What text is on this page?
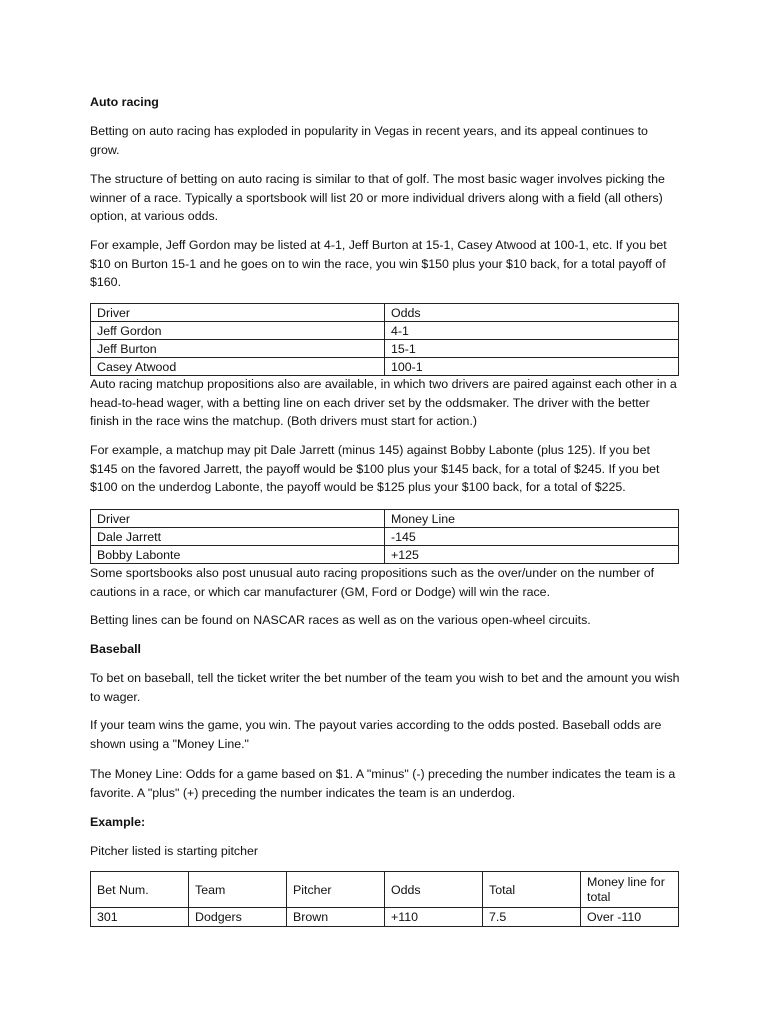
Auto racing

Betting on auto racing has exploded in popularity in Vegas in recent years, and its appeal continues to grow.

The structure of betting on auto racing is similar to that of golf. The most basic wager involves picking the winner of a race. Typically a sportsbook will list 20 or more individual drivers along with a field (all others) option, at various odds.

For example, Jeff Gordon may be listed at 4-1, Jeff Burton at 15-1, Casey Atwood at 100-1, etc. If you bet $10 on Burton 15-1 and he goes on to win the race, you win $150 plus your $10 back, for a total payoff of $160.

Driver	Odds
Jeff Gordon	4-1
Jeff Burton	15-1
Casey Atwood	100-1

Auto racing matchup propositions also are available, in which two drivers are paired against each other in a head-to-head wager, with a betting line on each driver set by the oddsmaker. The driver with the better finish in the race wins the matchup. (Both drivers must start for action.)

For example, a matchup may pit Dale Jarrett (minus 145) against Bobby Labonte (plus 125). If you bet $145 on the favored Jarrett, the payoff would be $100 plus your $145 back, for a total of $245. If you bet $100 on the underdog Labonte, the payoff would be $125 plus your $100 back, for a total of $225.

Driver	Money Line
Dale Jarrett	-145
Bobby Labonte	+125

Some sportsbooks also post unusual auto racing propositions such as the over/under on the number of cautions in a race, or which car manufacturer (GM, Ford or Dodge) will win the race.

Betting lines can be found on NASCAR races as well as on the various open-wheel circuits.

Baseball

To bet on baseball, tell the ticket writer the bet number of the team you wish to bet and the amount you wish to wager.

If your team wins the game, you win. The payout varies according to the odds posted. Baseball odds are shown using a "Money Line."

The Money Line: Odds for a game based on $1. A "minus" (-) preceding the number indicates the team is a favorite. A "plus" (+) preceding the number indicates the team is an underdog.

Example:

Pitcher listed is starting pitcher

Bet Num.	Team	Pitcher	Odds	Total	Money line for total
301	Dodgers	Brown	+110	7.5	Over -110
